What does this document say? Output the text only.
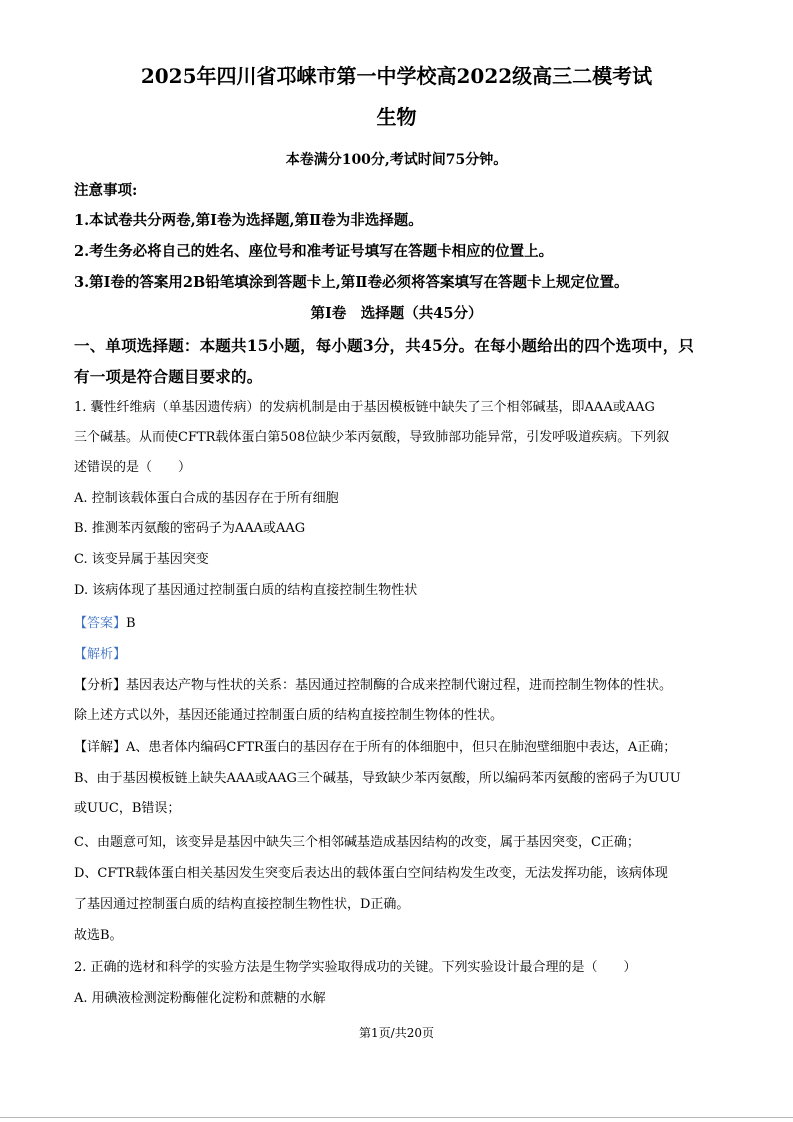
2025年四川省邛崃市第一中学校高2022级高三二模考试
生物
本卷满分100分,考试时间75分钟。
注意事项:
1.本试卷共分两卷,第Ⅰ卷为选择题,第Ⅱ卷为非选择题。
2.考生务必将自己的姓名、座位号和准考证号填写在答题卡相应的位置上。
3.第Ⅰ卷的答案用2B铅笔填涂到答题卡上,第Ⅱ卷必须将答案填写在答题卡上规定位置。
第Ⅰ卷　选择题（共45分）
一、单项选择题：本题共15小题，每小题3分，共45分。在每小题给出的四个选项中，只
有一项是符合题目要求的。
1. 囊性纤维病（单基因遗传病）的发病机制是由于基因模板链中缺失了三个相邻碱基，即AAA或AAG
三个碱基。从而使CFTR载体蛋白第508位缺少苯丙氨酸，导致肺部功能异常，引发呼吸道疾病。下列叙
述错误的是（　　）
A. 控制该载体蛋白合成的基因存在于所有细胞
B. 推测苯丙氨酸的密码子为AAA或AAG
C. 该变异属于基因突变
D. 该病体现了基因通过控制蛋白质的结构直接控制生物性状
【答案】B
【解析】
【分析】基因表达产物与性状的关系：基因通过控制酶的合成来控制代谢过程，进而控制生物体的性状。
除上述方式以外，基因还能通过控制蛋白质的结构直接控制生物体的性状。
【详解】A、患者体内编码CFTR蛋白的基因存在于所有的体细胞中，但只在肺泡壁细胞中表达，A正确；
B、由于基因模板链上缺失AAA或AAG三个碱基，导致缺少苯丙氨酸，所以编码苯丙氨酸的密码子为UUU
或UUC，B错误；
C、由题意可知，该变异是基因中缺失三个相邻碱基造成基因结构的改变，属于基因突变，C正确；
D、CFTR载体蛋白相关基因发生突变后表达出的载体蛋白空间结构发生改变，无法发挥功能，该病体现
了基因通过控制蛋白质的结构直接控制生物性状，D正确。
故选B。
2. 正确的选材和科学的实验方法是生物学实验取得成功的关键。下列实验设计最合理的是（　　）
A. 用碘液检测淀粉酶催化淀粉和蔗糖的水解
第1页/共20页
